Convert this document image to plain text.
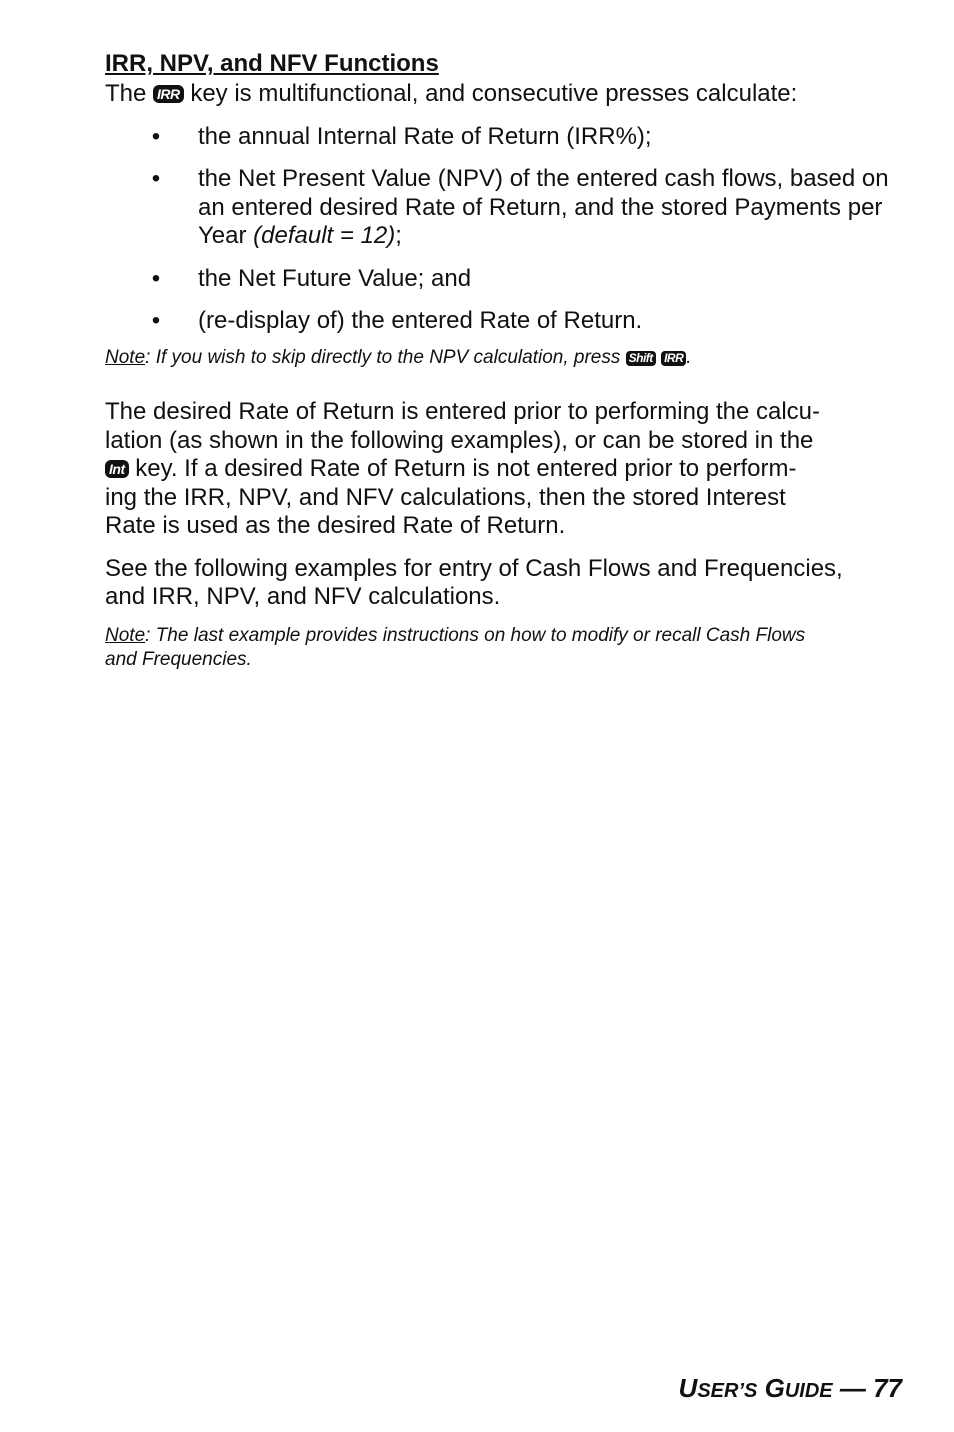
IRR, NPV, and NFV Functions

The IRR key is multifunctional, and consecutive presses calculate:

• the annual Internal Rate of Return (IRR%);
• the Net Present Value (NPV) of the entered cash flows, based on an entered desired Rate of Return, and the stored Payments per Year (default = 12);
• the Net Future Value; and
• (re-display of) the entered Rate of Return.

Note: If you wish to skip directly to the NPV calculation, press Shift IRR .

The desired Rate of Return is entered prior to performing the calcu-
lation (as shown in the following examples), or can be stored in the
Int key. If a desired Rate of Return is not entered prior to perform-
ing the IRR, NPV, and NFV calculations, then the stored Interest
Rate is used as the desired Rate of Return.

See the following examples for entry of Cash Flows and Frequencies,
and IRR, NPV, and NFV calculations.

Note: The last example provides instructions on how to modify or recall Cash Flows
and Frequencies.

USER’S GUIDE — 77
